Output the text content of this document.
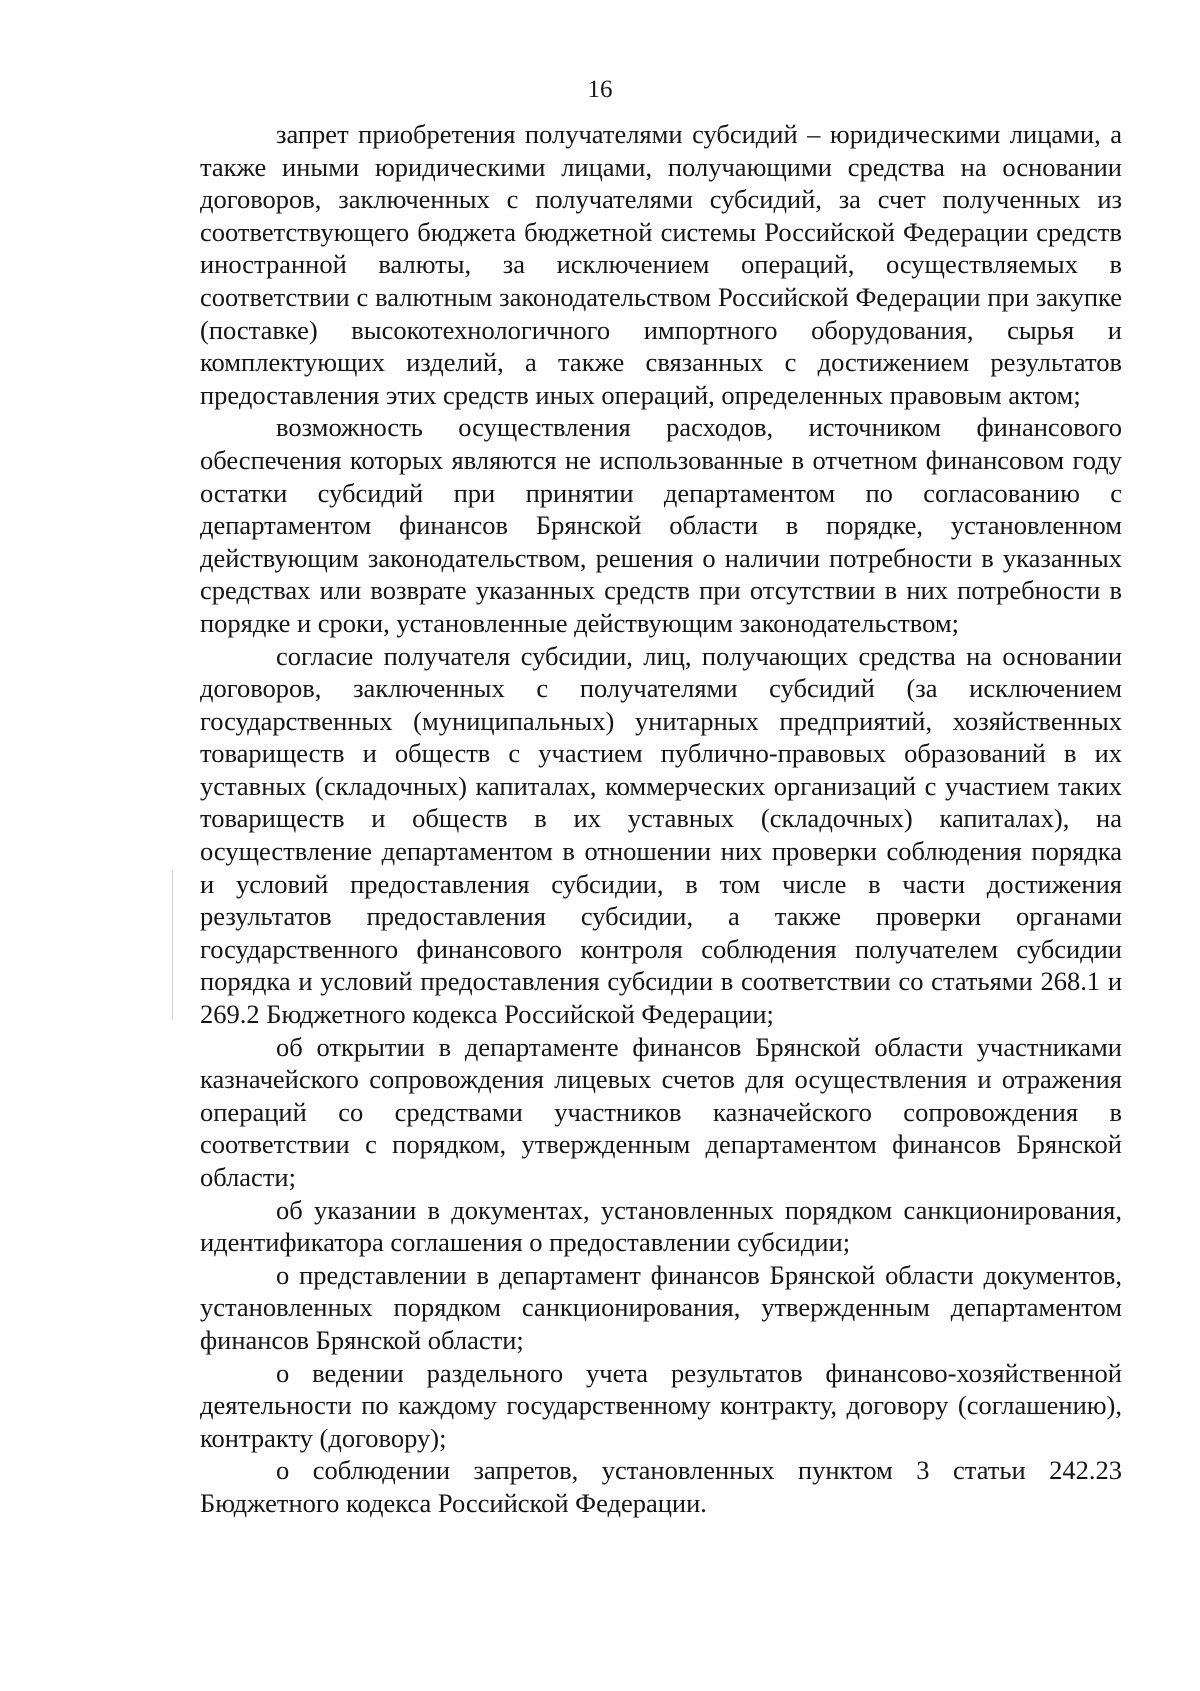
16

запрет приобретения получателями субсидий – юридическими лицами, а также иными юридическими лицами, получающими средства на основании договоров, заключенных с получателями субсидий, за счет полученных из соответствующего бюджета бюджетной системы Российской Федерации средств иностранной валюты, за исключением операций, осуществляемых в соответствии с валютным законодательством Российской Федерации при закупке (поставке) высокотехнологичного импортного оборудования, сырья и комплектующих изделий, а также связанных с достижением результатов предоставления этих средств иных операций, определенных правовым актом;

возможность осуществления расходов, источником финансового обеспечения которых являются не использованные в отчетном финансовом году остатки субсидий при принятии департаментом по согласованию с департаментом финансов Брянской области в порядке, установленном действующим законодательством, решения о наличии потребности в указанных средствах или возврате указанных средств при отсутствии в них потребности в порядке и сроки, установленные действующим законодательством;

согласие получателя субсидии, лиц, получающих средства на основании договоров, заключенных с получателями субсидий (за исключением государственных (муниципальных) унитарных предприятий, хозяйственных товариществ и обществ с участием публично-правовых образований в их уставных (складочных) капиталах, коммерческих организаций с участием таких товариществ и обществ в их уставных (складочных) капиталах), на осуществление департаментом в отношении них проверки соблюдения порядка и условий предоставления субсидии, в том числе в части достижения результатов предоставления субсидии, а также проверки органами государственного финансового контроля соблюдения получателем субсидии порядка и условий предоставления субсидии в соответствии со статьями 268.1 и 269.2 Бюджетного кодекса Российской Федерации;

об открытии в департаменте финансов Брянской области участниками казначейского сопровождения лицевых счетов для осуществления и отражения операций со средствами участников казначейского сопровождения в соответствии с порядком, утвержденным департаментом финансов Брянской области;

об указании в документах, установленных порядком санкционирования, идентификатора соглашения о предоставлении субсидии;

о представлении в департамент финансов Брянской области документов, установленных порядком санкционирования, утвержденным департаментом финансов Брянской области;

о ведении раздельного учета результатов финансово-хозяйственной деятельности по каждому государственному контракту, договору (соглашению), контракту (договору);

о соблюдении запретов, установленных пунктом 3 статьи 242.23 Бюджетного кодекса Российской Федерации.
